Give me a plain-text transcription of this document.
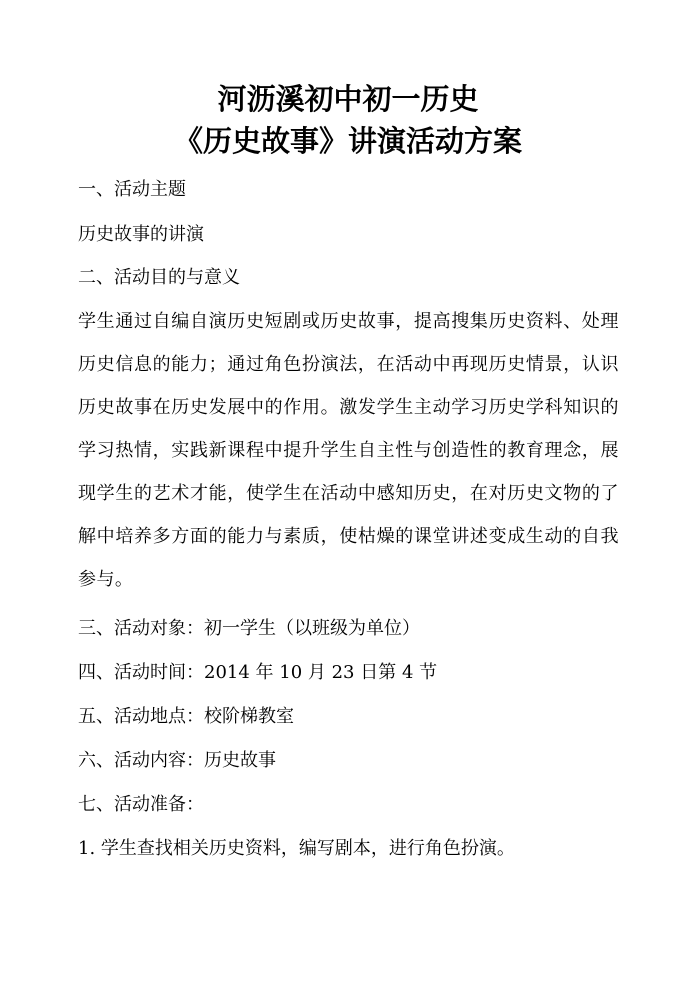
河沥溪初中初一历史
《历史故事》讲演活动方案
一、活动主题
历史故事的讲演
二、活动目的与意义
学生通过自编自演历史短剧或历史故事，提高搜集历史资料、处理历史信息的能力；通过角色扮演法，在活动中再现历史情景，认识历史故事在历史发展中的作用。激发学生主动学习历史学科知识的学习热情，实践新课程中提升学生自主性与创造性的教育理念，展现学生的艺术才能，使学生在活动中感知历史，在对历史文物的了解中培养多方面的能力与素质，使枯燥的课堂讲述变成生动的自我参与。
三、活动对象：初一学生（以班级为单位）
四、活动时间：2014 年 10 月 23 日第 4 节
五、活动地点：校阶梯教室
六、活动内容：历史故事
七、活动准备：
1. 学生查找相关历史资料，编写剧本，进行角色扮演。
